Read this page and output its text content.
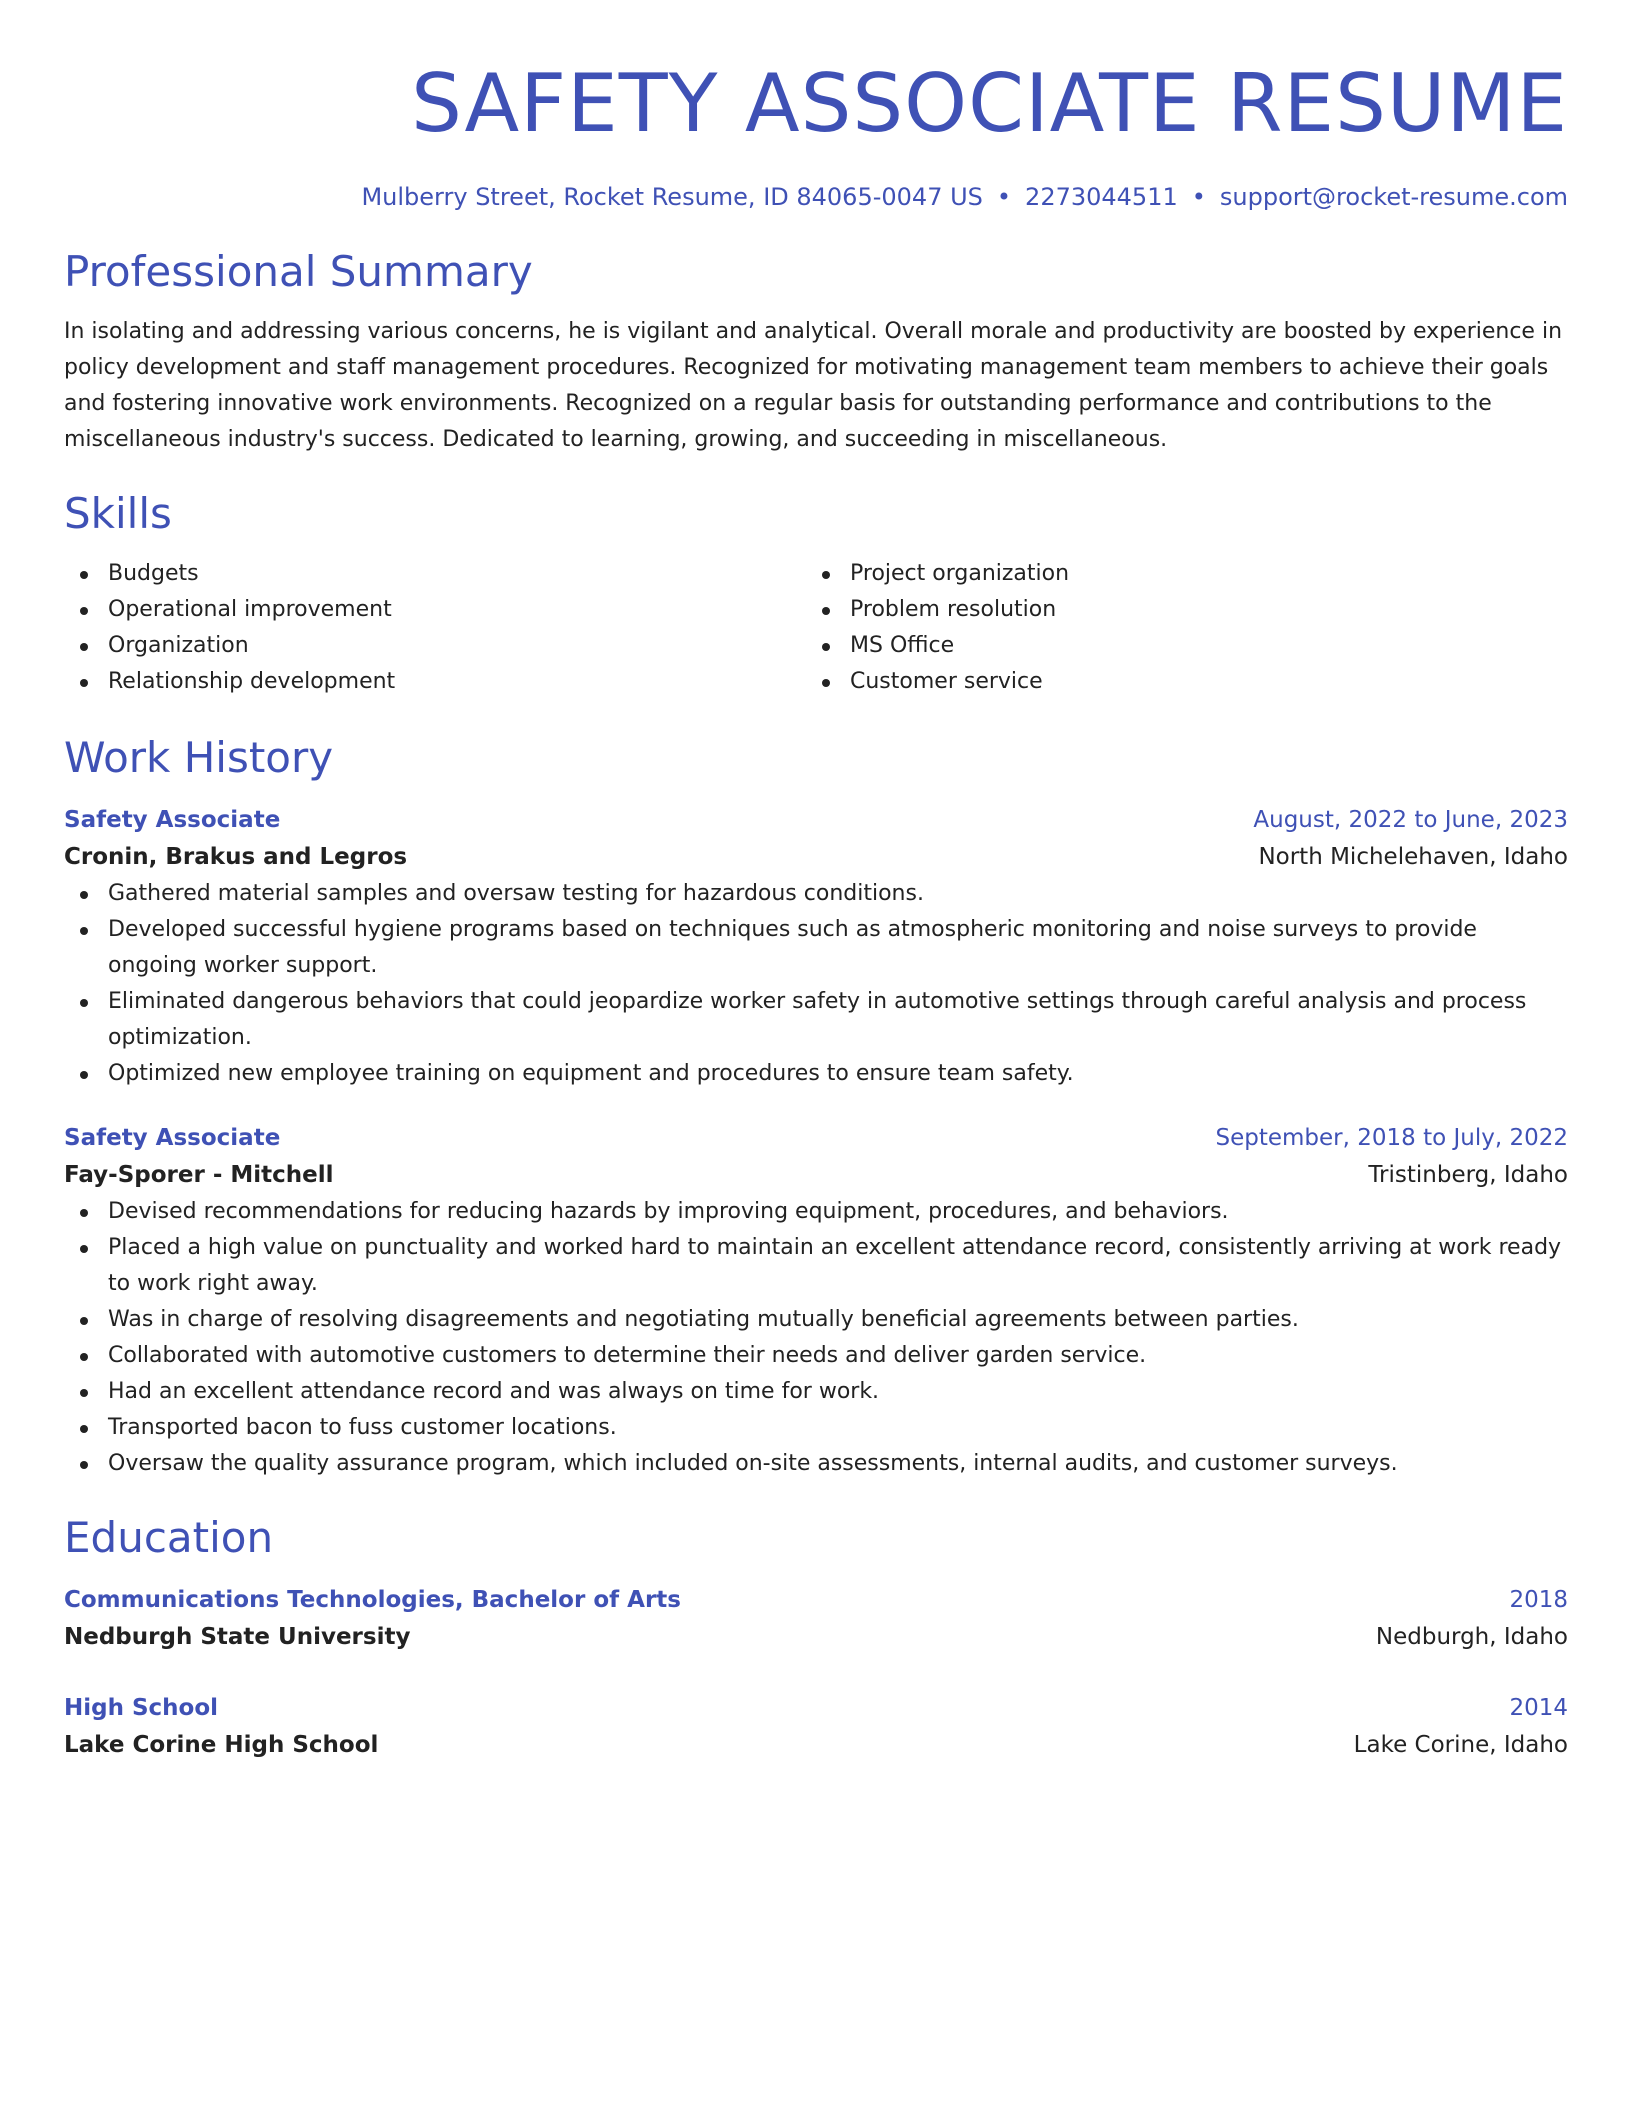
SAFETY ASSOCIATE RESUME
Mulberry Street, Rocket Resume, ID 84065-0047 US • 2273044511 • support@rocket-resume.com
Professional Summary
In isolating and addressing various concerns, he is vigilant and analytical. Overall morale and productivity are boosted by experience in policy development and staff management procedures. Recognized for motivating management team members to achieve their goals and fostering innovative work environments. Recognized on a regular basis for outstanding performance and contributions to the miscellaneous industry's success. Dedicated to learning, growing, and succeeding in miscellaneous.
Skills
Budgets
Operational improvement
Organization
Relationship development
Project organization
Problem resolution
MS Office
Customer service
Work History
Safety Associate	August, 2022 to June, 2023
Cronin, Brakus and Legros	North Michelehaven, Idaho
Gathered material samples and oversaw testing for hazardous conditions.
Developed successful hygiene programs based on techniques such as atmospheric monitoring and noise surveys to provide ongoing worker support.
Eliminated dangerous behaviors that could jeopardize worker safety in automotive settings through careful analysis and process optimization.
Optimized new employee training on equipment and procedures to ensure team safety.
Safety Associate	September, 2018 to July, 2022
Fay-Sporer - Mitchell	Tristinberg, Idaho
Devised recommendations for reducing hazards by improving equipment, procedures, and behaviors.
Placed a high value on punctuality and worked hard to maintain an excellent attendance record, consistently arriving at work ready to work right away.
Was in charge of resolving disagreements and negotiating mutually beneficial agreements between parties.
Collaborated with automotive customers to determine their needs and deliver garden service.
Had an excellent attendance record and was always on time for work.
Transported bacon to fuss customer locations.
Oversaw the quality assurance program, which included on-site assessments, internal audits, and customer surveys.
Education
Communications Technologies, Bachelor of Arts	2018
Nedburgh State University	Nedburgh, Idaho
High School	2014
Lake Corine High School	Lake Corine, Idaho
